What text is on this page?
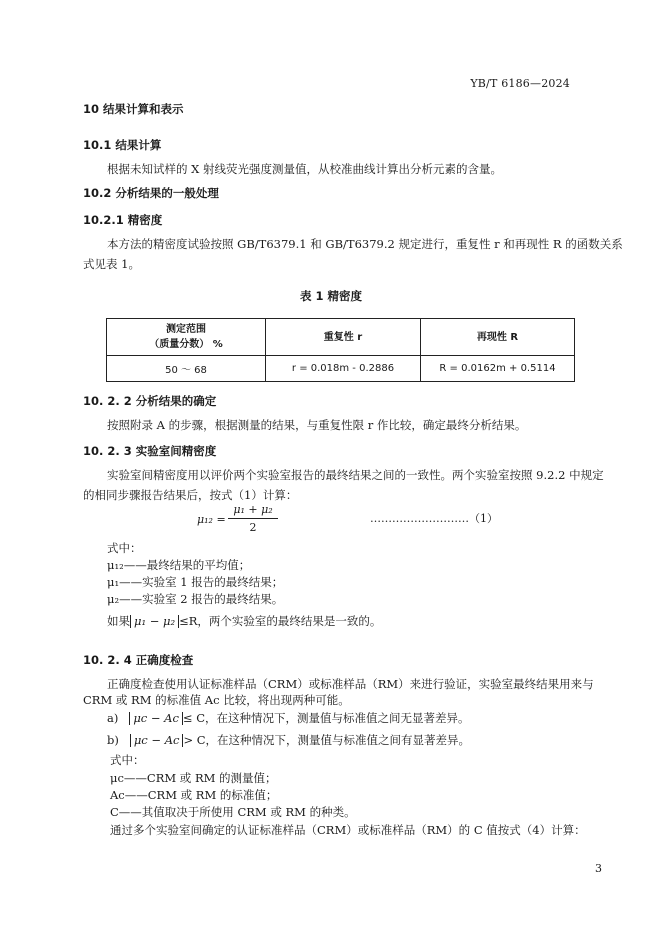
YB/T 6186—2024
10 结果计算和表示
10.1 结果计算
根据未知试样的 X 射线荧光强度测量值，从校准曲线计算出分析元素的含量。
10.2 分析结果的一般处理
10.2.1 精密度
本方法的精密度试验按照 GB/T6379.1 和 GB/T6379.2 规定进行，重复性 r 和再现性 R 的函数关系
式见表 1。
表 1 精密度
测定范围
（质量分数） %	重复性 r	再现性 R
50 ～ 68	r = 0.018m - 0.2886	R = 0.0162m + 0.5114
10. 2. 2 分析结果的确定
按照附录 A 的步骤，根据测量的结果，与重复性限 r 作比较，确定最终分析结果。
10. 2. 3 实验室间精密度
实验室间精密度用以评价两个实验室报告的最终结果之间的一致性。两个实验室按照 9.2.2 中规定
的相同步骤报告结果后，按式（1）计算：
$\mu_{12} = \frac{\text{μ₁ + μ₂}}{2}$	………………………（1）
式中：
μ₁₂——最终结果的平均值；
μ₁——实验室 1 报告的最终结果；
μ₂——实验室 2 报告的最终结果。
如果 μ₁ − μ₂ ≤R，两个实验室的最终结果是一致的。
10. 2. 4 正确度检查
正确度检查使用认证标准样品（CRM）或标准样品（RM）来进行验证，实验室最终结果用来与
CRM 或 RM 的标准值 Ac 比较，将出现两种可能。
a) μc − Ac ≤ C，在这种情况下，测量值与标准值之间无显著差异。
b) μc − Ac > C，在这种情况下，测量值与标准值之间有显著差异。
式中：
μc——CRM 或 RM 的测量值；
Ac——CRM 或 RM 的标准值；
C——其值取决于所使用 CRM 或 RM 的种类。
通过多个实验室间确定的认证标准样品（CRM）或标准样品（RM）的 C 值按式（4）计算：
3
